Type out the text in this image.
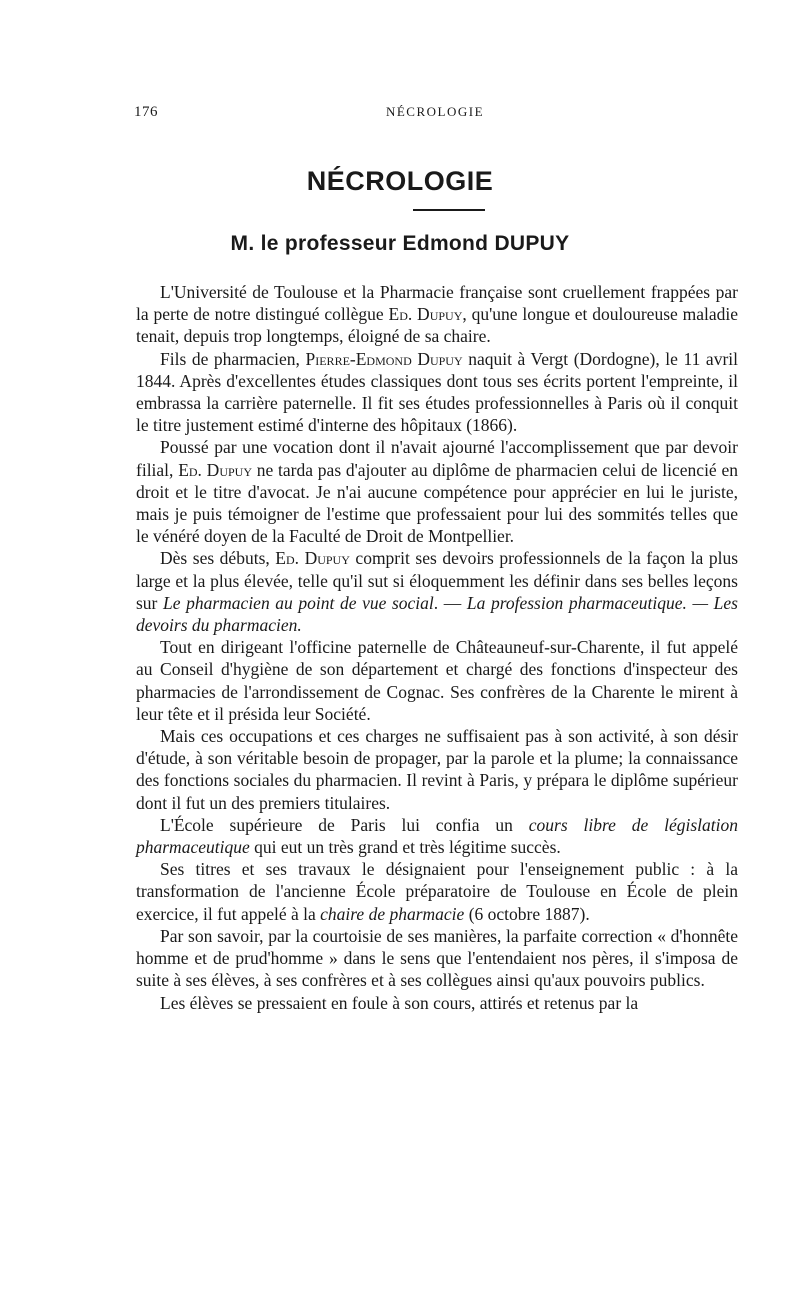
176	NÉCROLOGIE
NÉCROLOGIE
M. le professeur Edmond DUPUY

L'Université de Toulouse et la Pharmacie française sont cruellement frappées par la perte de notre distingué collègue Ed. Dupuy, qu'une longue et douloureuse maladie tenait, depuis trop longtemps, éloigné de sa chaire.

Fils de pharmacien, Pierre-Edmond Dupuy naquit à Vergt (Dordogne), le 11 avril 1844. Après d'excellentes études classiques dont tous ses écrits portent l'empreinte, il embrassa la carrière paternelle. Il fit ses études professionnelles à Paris où il conquit le titre justement estimé d'interne des hôpitaux (1866).

Poussé par une vocation dont il n'avait ajourné l'accomplissement que par devoir filial, Ed. Dupuy ne tarda pas d'ajouter au diplôme de pharmacien celui de licencié en droit et le titre d'avocat. Je n'ai aucune compétence pour apprécier en lui le juriste, mais je puis témoigner de l'estime que professaient pour lui des sommités telles que le vénéré doyen de la Faculté de Droit de Montpellier.

Dès ses débuts, Ed. Dupuy comprit ses devoirs professionnels de la façon la plus large et la plus élevée, telle qu'il sut si éloquemment les définir dans ses belles leçons sur Le pharmacien au point de vue social. — La profession pharmaceutique. — Les devoirs du pharmacien.

Tout en dirigeant l'officine paternelle de Châteauneuf-sur-Charente, il fut appelé au Conseil d'hygiène de son département et chargé des fonctions d'inspecteur des pharmacies de l'arrondissement de Cognac. Ses confrères de la Charente le mirent à leur tête et il présida leur Société.

Mais ces occupations et ces charges ne suffisaient pas à son activité, à son désir d'étude, à son véritable besoin de propager, par la parole et la plume; la connaissance des fonctions sociales du pharmacien. Il revint à Paris, y prépara le diplôme supérieur dont il fut un des premiers titulaires.

L'École supérieure de Paris lui confia un cours libre de législation pharmaceutique qui eut un très grand et très légitime succès.

Ses titres et ses travaux le désignaient pour l'enseignement public : à la transformation de l'ancienne École préparatoire de Toulouse en École de plein exercice, il fut appelé à la chaire de pharmacie (6 octobre 1887).

Par son savoir, par la courtoisie de ses manières, la parfaite correction « d'honnête homme et de prud'homme » dans le sens que l'entendaient nos pères, il s'imposa de suite à ses élèves, à ses confrères et à ses collègues ainsi qu'aux pouvoirs publics.

Les élèves se pressaient en foule à son cours, attirés et retenus par la
